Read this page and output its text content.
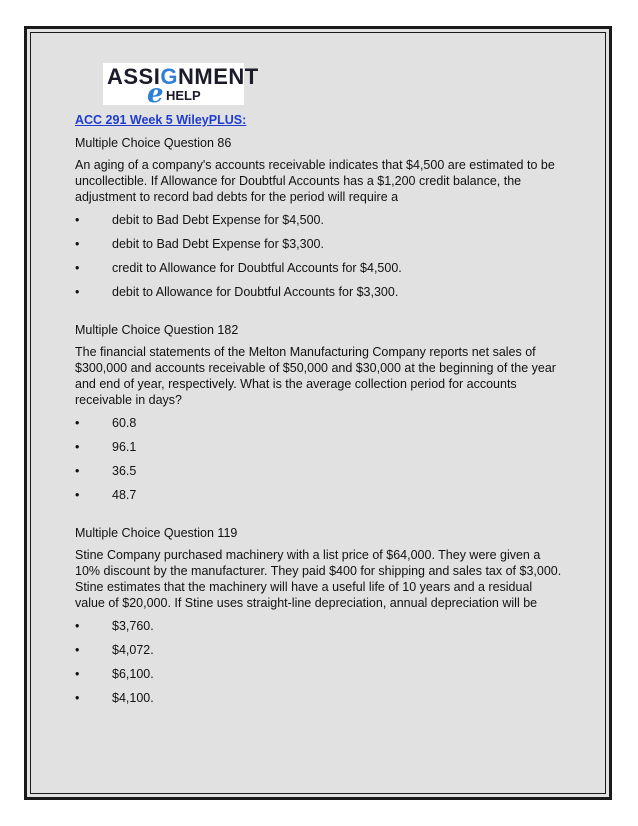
ASSIGNMENT
e HELP
ACC 291 Week 5 WileyPLUS:
Multiple Choice Question 86
An aging of a company's accounts receivable indicates that $4,500 are estimated to be uncollectible. If Allowance for Doubtful Accounts has a $1,200 credit balance, the adjustment to record bad debts for the period will require a
•	debit to Bad Debt Expense for $4,500.
•	debit to Bad Debt Expense for $3,300.
•	credit to Allowance for Doubtful Accounts for $4,500.
•	debit to Allowance for Doubtful Accounts for $3,300.
Multiple Choice Question 182
The financial statements of the Melton Manufacturing Company reports net sales of $300,000 and accounts receivable of $50,000 and $30,000 at the beginning of the year and end of year, respectively. What is the average collection period for accounts receivable in days?
•	60.8
•	96.1
•	36.5
•	48.7
Multiple Choice Question 119
Stine Company purchased machinery with a list price of $64,000. They were given a 10% discount by the manufacturer. They paid $400 for shipping and sales tax of $3,000. Stine estimates that the machinery will have a useful life of 10 years and a residual value of $20,000. If Stine uses straight-line depreciation, annual depreciation will be
•	$3,760.
•	$4,072.
•	$6,100.
•	$4,100.
